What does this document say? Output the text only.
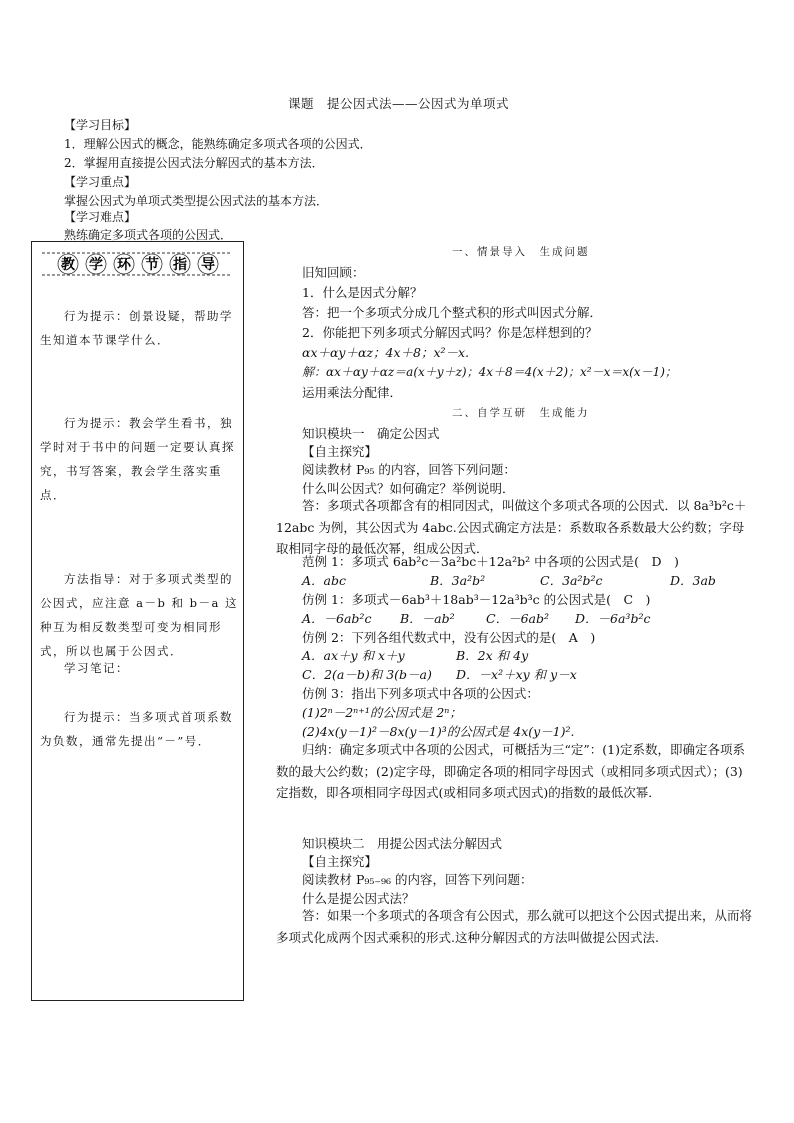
课题　提公因式法——公因式为单项式
【学习目标】
1．理解公因式的概念，能熟练确定多项式各项的公因式．
2．掌握用直接提公因式法分解因式的基本方法．
【学习重点】
掌握公因式为单项式类型提公因式法的基本方法．
【学习难点】
熟练确定多项式各项的公因式．
教 学 环 节 指 导
行为提示：创景设疑，帮助学生知道本节课学什么．
行为提示：教会学生看书，独学时对于书中的问题一定要认真探究，书写答案，教会学生落实重点．
方法指导：对于多项式类型的公因式，应注意 a－b 和 b－a 这种互为相反数类型可变为相同形式，所以也属于公因式．
学习笔记：
行为提示：当多项式首项系数为负数，通常先提出“－”号．
一、情景导入　生成问题
旧知回顾：
1．什么是因式分解？
答：把一个多项式分成几个整式积的形式叫因式分解．
2．你能把下列多项式分解因式吗？你是怎样想到的？
αx＋αy＋αz；4x＋8；x²－x.
解：αx＋αy＋αz＝a(x＋y＋z)；4x＋8＝4(x＋2)；x²－x＝x(x－1)；
运用乘法分配律．
二、自学互研　生成能力
知识模块一　确定公因式
【自主探究】
阅读教材 P₉₅ 的内容，回答下列问题：
什么叫公因式？如何确定？举例说明．
答：多项式各项都含有的相同因式，叫做这个多项式各项的公因式．以 8a³b²c＋12abc 为例，其公因式为 4abc.公因式确定方法是：系数取各系数最大公约数；字母取相同字母的最低次幂，组成公因式．
范例 1：多项式 6ab²c－3a²bc＋12a²b² 中各项的公因式是(　D　)
A．abc	B．3a²b²	C．3a²b²c	D．3ab
仿例 1：多项式－6ab³＋18ab³－12a³b³c 的公因式是(　C　)
A．－6ab²c B．－ab²	C．－6ab² D．－6a³b²c
仿例 2：下列各组代数式中，没有公因式的是(　A　)
A．ax＋y 和 x＋y	B．2x 和 4y
C．2(a－b)和 3(b－a) D．－x²＋xy 和 y－x
仿例 3：指出下列多项式中各项的公因式：
(1)2ⁿ－2ⁿ⁺¹的公因式是 2ⁿ；
(2)4x(y－1)²－8x(y－1)³的公因式是 4x(y－1)².
归纳：确定多项式中各项的公因式，可概括为三“定”：(1)定系数，即确定各项系数的最大公约数；(2)定字母，即确定各项的相同字母因式（或相同多项式因式）；(3)定指数，即各项相同字母因式(或相同多项式因式)的指数的最低次幂．
知识模块二　用提公因式法分解因式
【自主探究】
阅读教材 P₉₅₋₉₆ 的内容，回答下列问题：
什么是提公因式法？
答：如果一个多项式的各项含有公因式，那么就可以把这个公因式提出来，从而将多项式化成两个因式乘积的形式.这种分解因式的方法叫做提公因式法.
